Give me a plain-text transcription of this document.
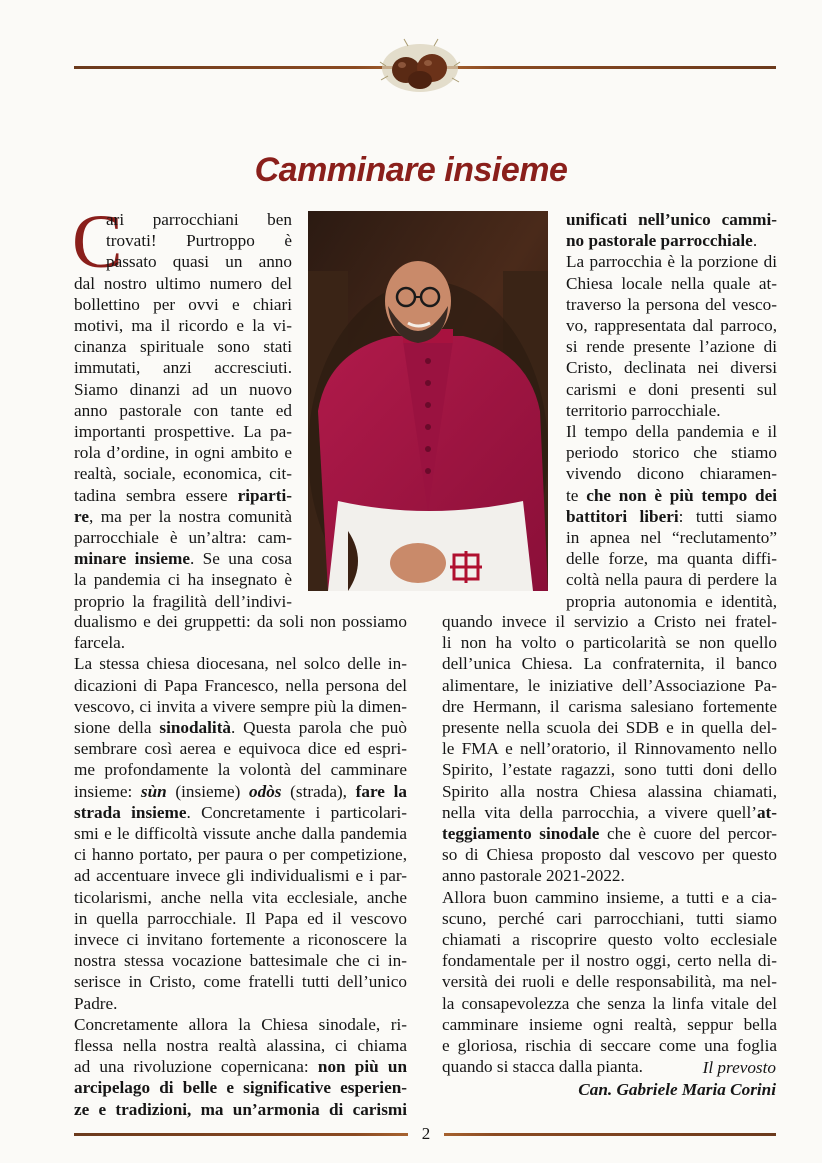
Camminare insieme
C
ari parrocchiani ben
trovati! Purtroppo è
passato quasi un anno
dal nostro ultimo numero del
bollettino per ovvi e chiari
motivi, ma il ricordo e la vi-
cinanza spirituale sono stati
immutati, anzi accresciuti.
Siamo dinanzi ad un nuovo
anno pastorale con tante ed
importanti prospettive. La pa-
rola d’ordine, in ogni ambito e
realtà, sociale, economica, cit-
tadina sembra essere riparti-
re, ma per la nostra comunità
parrocchiale è un’altra: cam-
minare insieme. Se una cosa
la pandemia ci ha insegnato è
proprio la fragilità dell’indivi-
unificati nell’unico cammi-
no pastorale parrocchiale.
La parrocchia è la porzione di
Chiesa locale nella quale at-
traverso la persona del vesco-
vo, rappresentata dal parroco,
si rende presente l’azione di
Cristo, declinata nei diversi
carismi e doni presenti sul
territorio parrocchiale.
Il tempo della pandemia e il
periodo storico che stiamo
vivendo dicono chiaramen-
te che non è più tempo dei
battitori liberi: tutti siamo
in apnea nel “reclutamento”
delle forze, ma quanta diffi-
coltà nella paura di perdere la
propria autonomia e identità,
dualismo e dei gruppetti: da soli non possiamo
farcela.
La stessa chiesa diocesana, nel solco delle in-
dicazioni di Papa Francesco, nella persona del
vescovo, ci invita a vivere sempre più la dimen-
sione della sinodalità. Questa parola che può
sembrare così aerea e equivoca dice ed espri-
me profondamente la volontà del camminare
insieme: sùn (insieme) odòs (strada), fare la
strada insieme. Concretamente i particolari-
smi e le difficoltà vissute anche dalla pandemia
ci hanno portato, per paura o per competizione,
ad accentuare invece gli individualismi e i par-
ticolarismi, anche nella vita ecclesiale, anche
in quella parrocchiale. Il Papa ed il vescovo
invece ci invitano fortemente a riconoscere la
nostra stessa vocazione battesimale che ci in-
serisce in Cristo, come fratelli tutti dell’unico
Padre.
Concretamente allora la Chiesa sinodale, ri-
flessa nella nostra realtà alassina, ci chiama
ad una rivoluzione copernicana: non più un
arcipelago di belle e significative esperien-
ze e tradizioni, ma un’armonia di carismi
quando invece il servizio a Cristo nei fratel-
li non ha volto o particolarità se non quello
dell’unica Chiesa. La confraternita, il banco
alimentare, le iniziative dell’Associazione Pa-
dre Hermann, il carisma salesiano fortemente
presente nella scuola dei SDB e in quella del-
le FMA e nell’oratorio, il Rinnovamento nello
Spirito, l’estate ragazzi, sono tutti doni dello
Spirito alla nostra Chiesa alassina chiamati,
nella vita della parrocchia, a vivere quell’at-
teggiamento sinodale che è cuore del percor-
so di Chiesa proposto dal vescovo per questo
anno pastorale 2021-2022.
Allora buon cammino insieme, a tutti e a cia-
scuno, perché cari parrocchiani, tutti siamo
chiamati a riscoprire questo volto ecclesiale
fondamentale per il nostro oggi, certo nella di-
versità dei ruoli e delle responsabilità, ma nel-
la consapevolezza che senza la linfa vitale del
camminare insieme ogni realtà, seppur bella
e gloriosa, rischia di seccare come una foglia
quando si stacca dalla pianta.	Il prevosto

Can. Gabriele Maria Corini

2
